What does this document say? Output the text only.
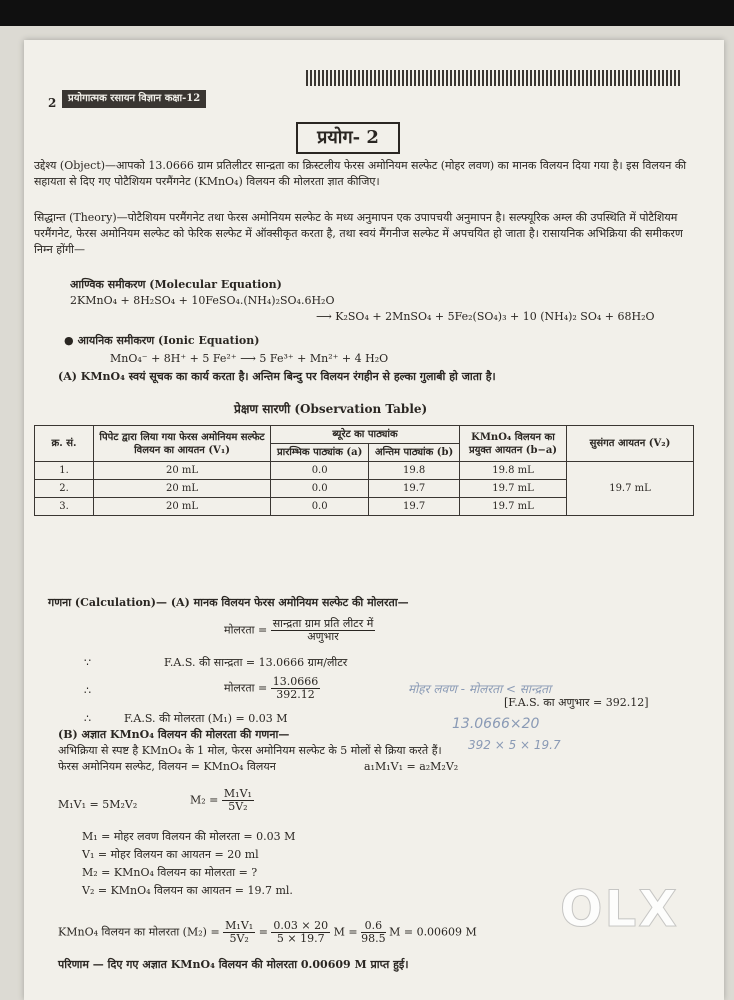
2	प्रयोगात्मक रसायन विज्ञान कक्षा-12
प्रयोग- 2
उद्देश्य (Object)—आपको 13.0666 ग्राम प्रतिलीटर सान्द्रता का क्रिस्टलीय फेरस अमोनियम सल्फेट (मोहर लवण) का मानक विलयन दिया गया है। इस विलयन की सहायता से दिए गए पोटैशियम परमैंगनेट (KMnO₄) विलयन की मोलरता ज्ञात कीजिए।
सिद्धान्त (Theory)—पोटैशियम परमैंगनेट तथा फेरस अमोनियम सल्फेट के मध्य अनुमापन एक उपापचयी अनुमापन है। सल्फ्यूरिक अम्ल की उपस्थिति में पोटैशियम परमैंगनेट, फेरस अमोनियम सल्फेट को फेरिक सल्फेट में ऑक्सीकृत करता है, तथा स्वयं मैंगनीज सल्फेट में अपचयित हो जाता है। रासायनिक अभिक्रिया की समीकरण निम्न होंगी—
आण्विक समीकरण (Molecular Equation)
2KMnO₄ + 8H₂SO₄ + 10FeSO₄.(NH₄)₂SO₄.6H₂O
⟶ K₂SO₄ + 2MnSO₄ + 5Fe₂(SO₄)₃ + 10 (NH₄)₂ SO₄ + 68H₂O
● आयनिक समीकरण (Ionic Equation)
MnO₄⁻ + 8H⁺ + 5 Fe²⁺ ⟶ 5 Fe³⁺ + Mn²⁺ + 4 H₂O
(A) KMnO₄ स्वयं सूचक का कार्य करता है। अन्तिम बिन्दु पर विलयन रंगहीन से हल्का गुलाबी हो जाता है।
प्रेक्षण सारणी (Observation Table)
क्र. सं.	पिपेट द्वारा लिया गया फेरस अमोनियम सल्फेट विलयन का आयतन (V₁)	ब्यूरेट का पाठ्यांक		KMnO₄ विलयन का प्रयुक्त आयतन (b−a)	सुसंगत आयतन (V₂)
		प्रारम्भिक पाठ्यांक (a)	अन्तिम पाठ्यांक (b)		
1.	20 mL	0.0	19.8	19.8 mL	19.7 mL
2.	20 mL	0.0	19.7	19.7 mL	
3.	20 mL	0.0	19.7	19.7 mL	
गणना (Calculation)— (A) मानक विलयन फेरस अमोनियम सल्फेट की मोलरता—
मोलरता = $\frac{\text{सान्द्रता ग्राम प्रति लीटर में}}{\text{अणुभार}}$
∵	F.A.S. की सान्द्रता = 13.0666 ग्राम/लीटर
∴	मोलरता = $\frac{13.0666}{392.12}$
[F.A.S. का अणुभार = 392.12]
∴	F.A.S. की मोलरता (M₁) = 0.03 M
(B) अज्ञात KMnO₄ विलयन की मोलरता की गणना—
अभिक्रिया से स्पष्ट है KMnO₄ के 1 मोल, फेरस अमोनियम सल्फेट के 5 मोलों से क्रिया करते हैं।
फेरस अमोनियम सल्फेट, विलयन = KMnO₄ विलयन	a₁M₁V₁ = a₂M₂V₂
M₁V₁ = 5M₂V₂	$M_2 = \frac{\text{M₁V₁}}{\text{5V₂}}$
M₁ = मोहर लवण विलयन की मोलरता = 0.03 M
V₁ = मोहर विलयन का आयतन = 20 ml
M₂ = KMnO₄ विलयन का मोलरता = ?
V₂ = KMnO₄ विलयन का आयतन = 19.7 ml.
KMnO₄ विलयन का मोलरता $(M_2) = \frac{\text{M₁V₁}}{\text{5V₂}} = \frac{0.03 \times 20}{5 \times 19.7}$ $M = \frac{0.6}{98.5}$ M = 0.00609 M
परिणाम — दिए गए अज्ञात KMnO₄ विलयन की मोलरता 0.00609 M प्राप्त हुई।
मोहर लवण - मोलरता < सान्द्रता
13.0666×20
392 × 5 × 19.7
OLX
